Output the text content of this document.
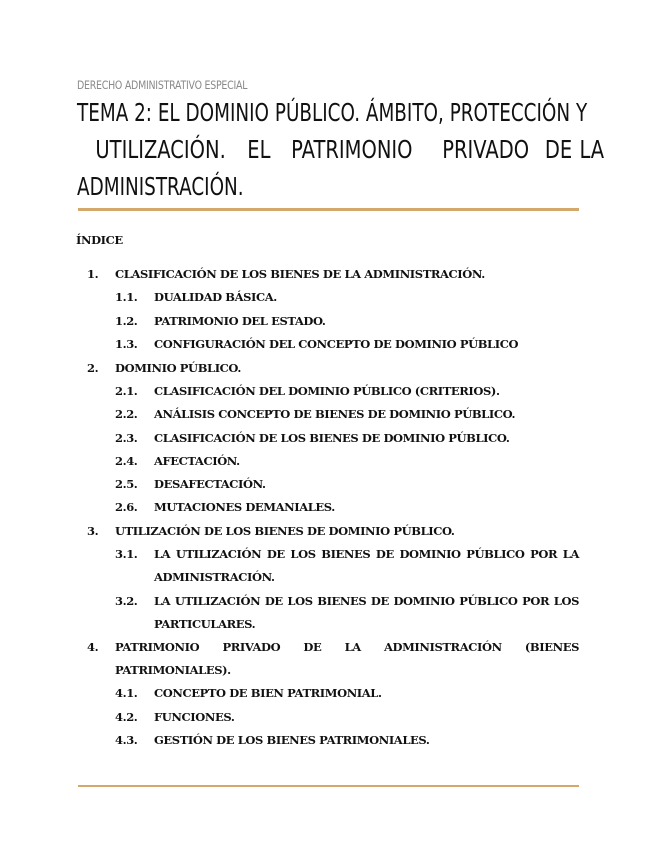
DERECHO ADMINISTRATIVO ESPECIAL
TEMA 2: EL DOMINIO PÚBLICO. ÁMBITO, PROTECCIÓN Y
UTILIZACIÓN. EL PATRIMONIO PRIVADO DE LA
ADMINISTRACIÓN.
ÍNDICE
1. CLASIFICACIÓN DE LOS BIENES DE LA ADMINISTRACIÓN.
1.1. DUALIDAD BÁSICA.
1.2. PATRIMONIO DEL ESTADO.
1.3. CONFIGURACIÓN DEL CONCEPTO DE DOMINIO PÚBLICO
2. DOMINIO PÚBLICO.
2.1. CLASIFICACIÓN DEL DOMINIO PÚBLICO (CRITERIOS).
2.2. ANÁLISIS CONCEPTO DE BIENES DE DOMINIO PÚBLICO.
2.3. CLASIFICACIÓN DE LOS BIENES DE DOMINIO PÚBLICO.
2.4. AFECTACIÓN.
2.5. DESAFECTACIÓN.
2.6. MUTACIONES DEMANIALES.
3. UTILIZACIÓN DE LOS BIENES DE DOMINIO PÚBLICO.
3.1. LA UTILIZACIÓN DE LOS BIENES DE DOMINIO PÚBLICO POR LA
ADMINISTRACIÓN.
3.2. LA UTILIZACIÓN DE LOS BIENES DE DOMINIO PÚBLICO POR LOS
PARTICULARES.
4. PATRIMONIO PRIVADO DE LA ADMINISTRACIÓN (BIENES
PATRIMONIALES).
4.1. CONCEPTO DE BIEN PATRIMONIAL.
4.2. FUNCIONES.
4.3. GESTIÓN DE LOS BIENES PATRIMONIALES.
